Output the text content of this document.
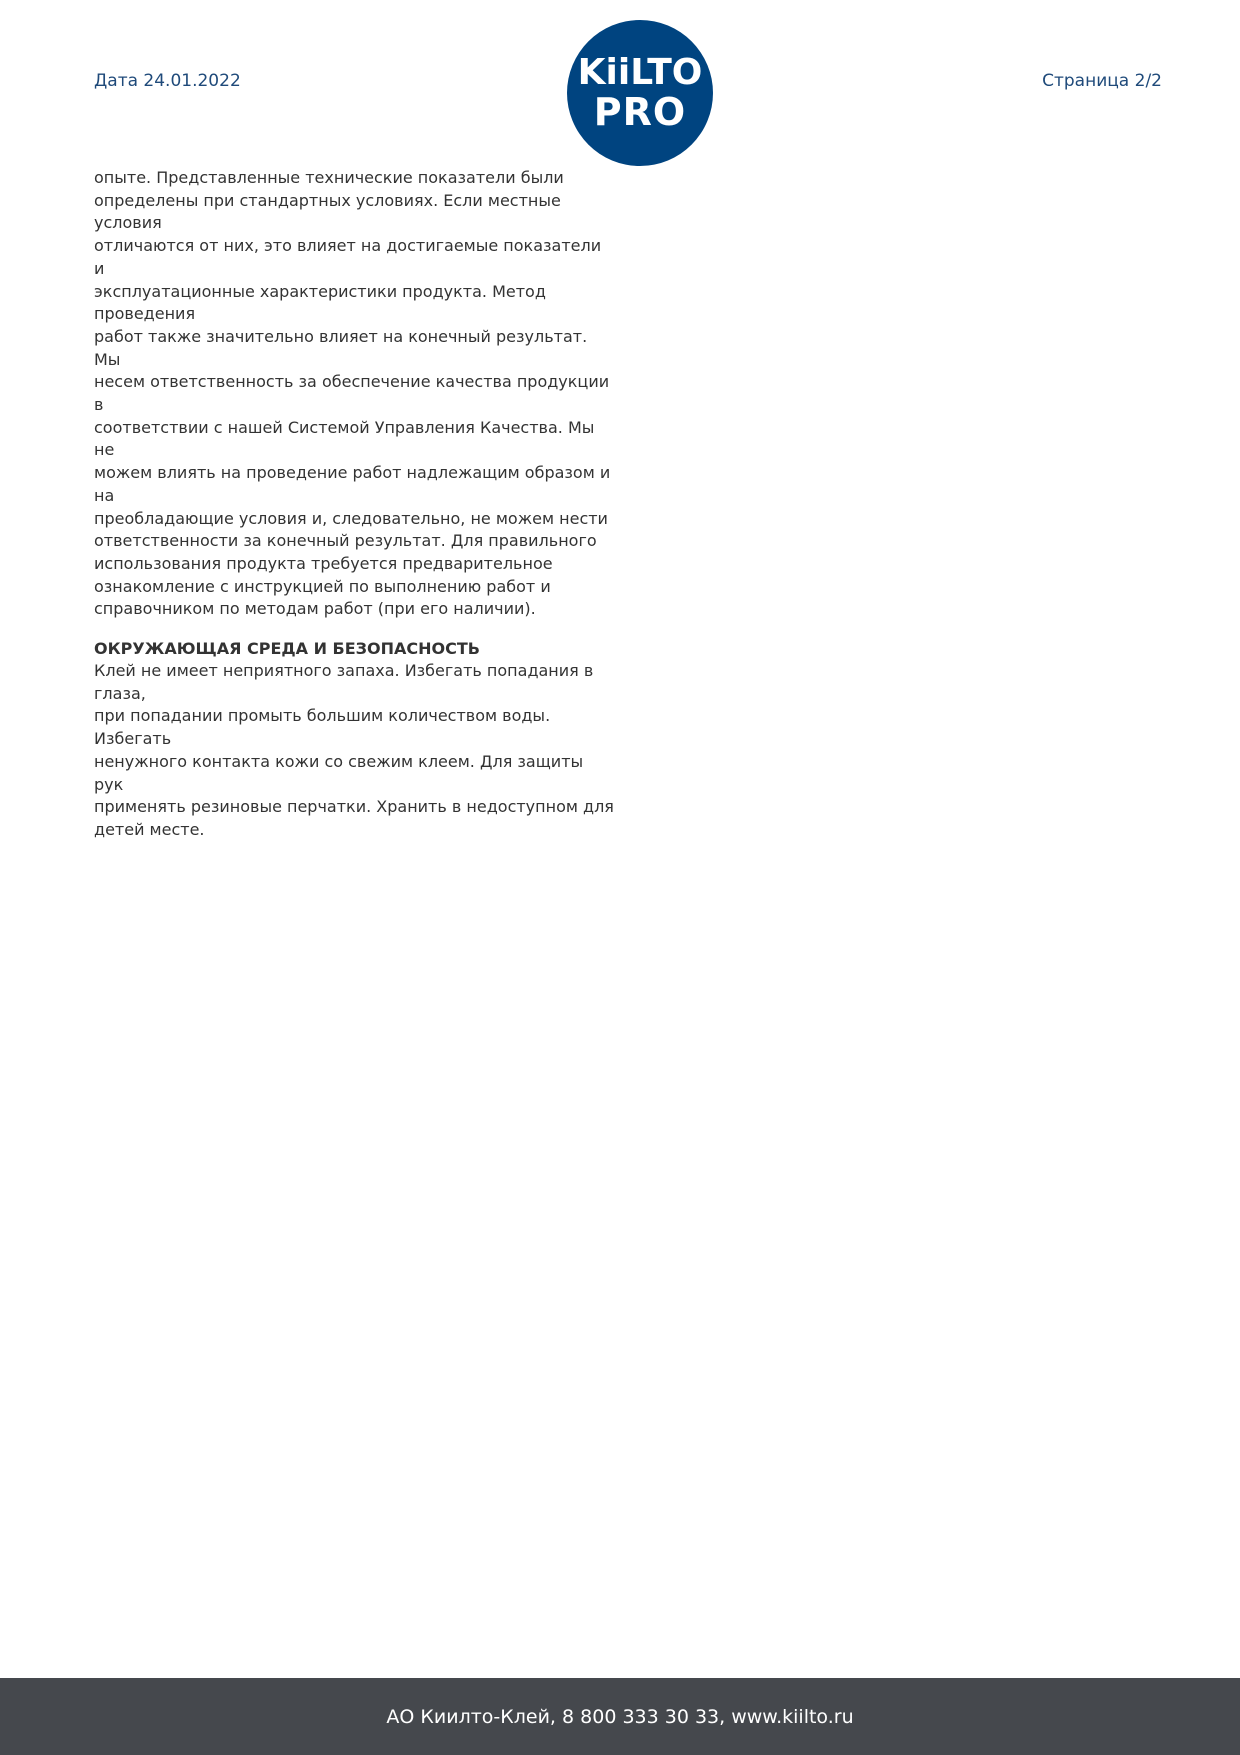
Дата 24.01.2022	KiiLTO
PRO
Страница 2/2

опыте. Представленные технические показатели были
определены при стандартных условиях. Если местные условия
отличаются от них, это влияет на достигаемые показатели и
эксплуатационные характеристики продукта. Метод проведения
работ также значительно влияет на конечный результат. Мы
несем ответственность за обеспечение качества продукции в
соответствии с нашей Системой Управления Качества. Мы не
можем влиять на проведение работ надлежащим образом и на
преобладающие условия и, следовательно, не можем нести
ответственности за конечный результат. Для правильного
использования продукта требуется предварительное
ознакомление с инструкцией по выполнению работ и
справочником по методам работ (при его наличии).

ОКРУЖАЮЩАЯ СРЕДА И БЕЗОПАСНОСТЬ

Клей не имеет неприятного запаха. Избегать попадания в глаза,
при попадании промыть большим количеством воды. Избегать
ненужного контакта кожи со свежим клеем. Для защиты рук
применять резиновые перчатки. Хранить в недоступном для
детей месте.

АО Киилто-Клей, 8 800 333 30 33, www.kiilto.ru
